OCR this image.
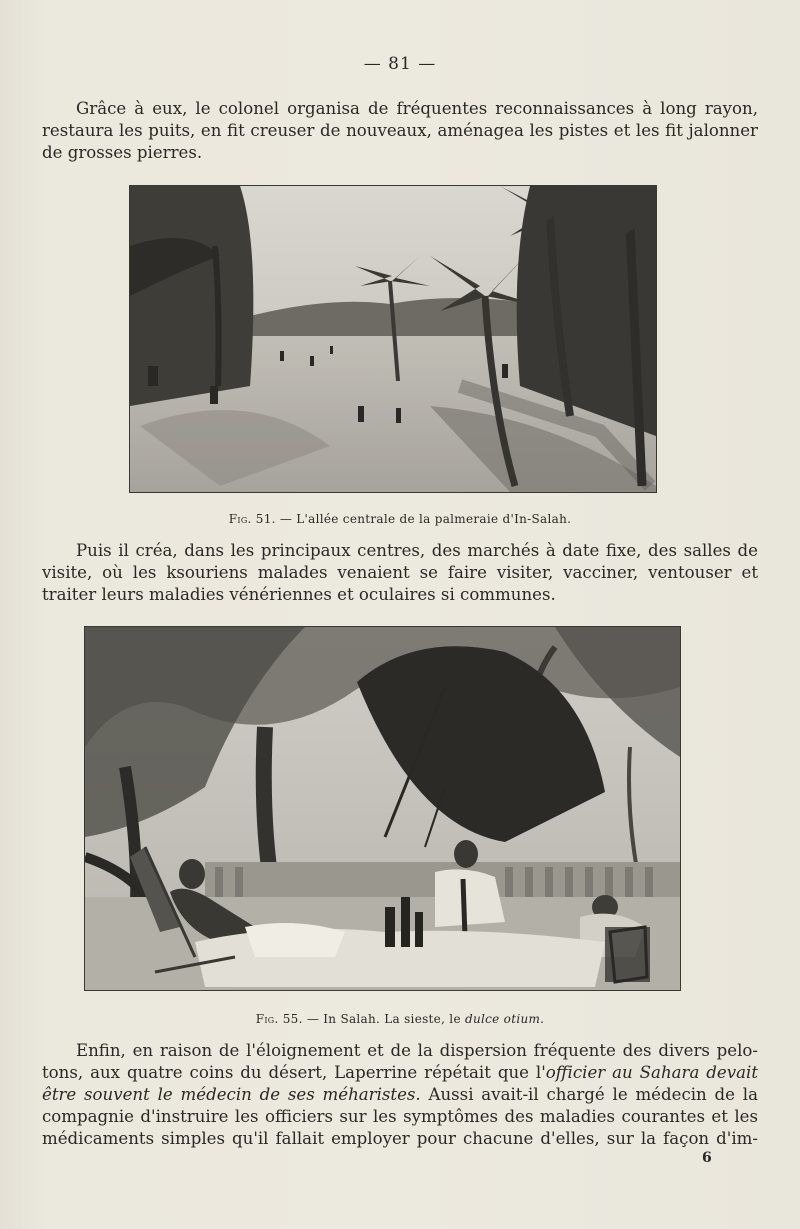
— 81 —

Grâce à eux, le colonel organisa de fréquentes reconnaissances à long rayon,
restaura les puits, en fit creuser de nouveaux, aménagea les pistes et les fit jalonner
de grosses pierres.

Fig. 51. — L'allée centrale de la palmeraie d'In-Salah.

Puis il créa, dans les principaux centres, des marchés à date fixe, des salles de
visite, où les ksouriens malades venaient se faire visiter, vacciner, ventouser et
traiter leurs maladies vénériennes et oculaires si communes.

Fig. 55. — In Salah. La sieste, le dulce otium.

Enfin, en raison de l'éloignement et de la dispersion fréquente des divers pelo-
tons, aux quatre coins du désert, Laperrine répétait que l'officier au Sahara devait
être souvent le médecin de ses méharistes. Aussi avait-il chargé le médecin de la
compagnie d'instruire les officiers sur les symptômes des maladies courantes et les
médicaments simples qu'il fallait employer pour chacune d'elles, sur la façon d'im-

6
